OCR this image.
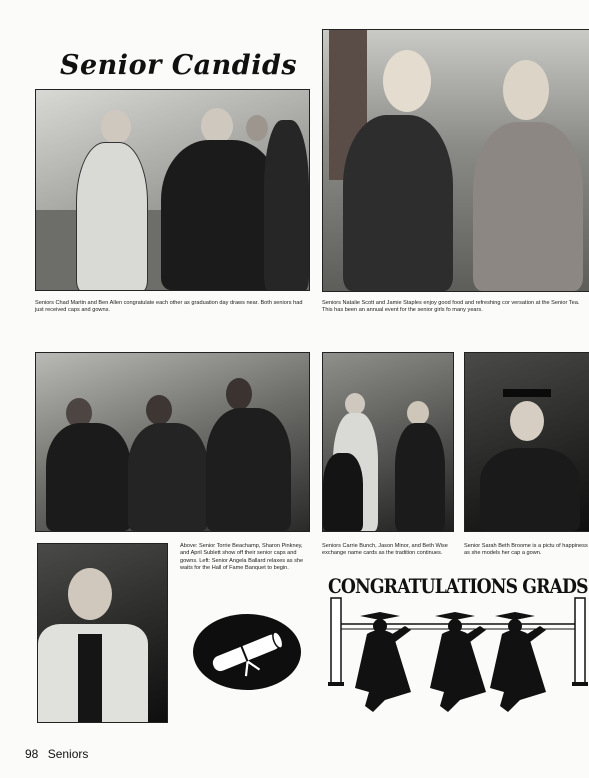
Senior Candids
Seniors Chad Martin and Ben Allen congratulate each other as graduation day draws near. Both seniors had just received caps and gowns.
Seniors Natalie Scott and Jamie Staples enjoy good food and refreshing cor versation at the Senior Tea. This has been an annual event for the senior girls fo many years.
Above: Senior Torrie Beachamp, Sharon Pinkney, and April Sublett show off their senior caps and gowns. Left: Senior Angela Ballard relaxes as she waits for the Hall of Fame Banquet to begin.
Seniors Carrie Bunch, Jason Minor, and Beth Wise exchange name cards as the tradition continues.
Senior Sarah Beth Broome is a pictu of happiness as she models her cap a gown.
CONGRATULATIONS GRADS
98 Seniors
